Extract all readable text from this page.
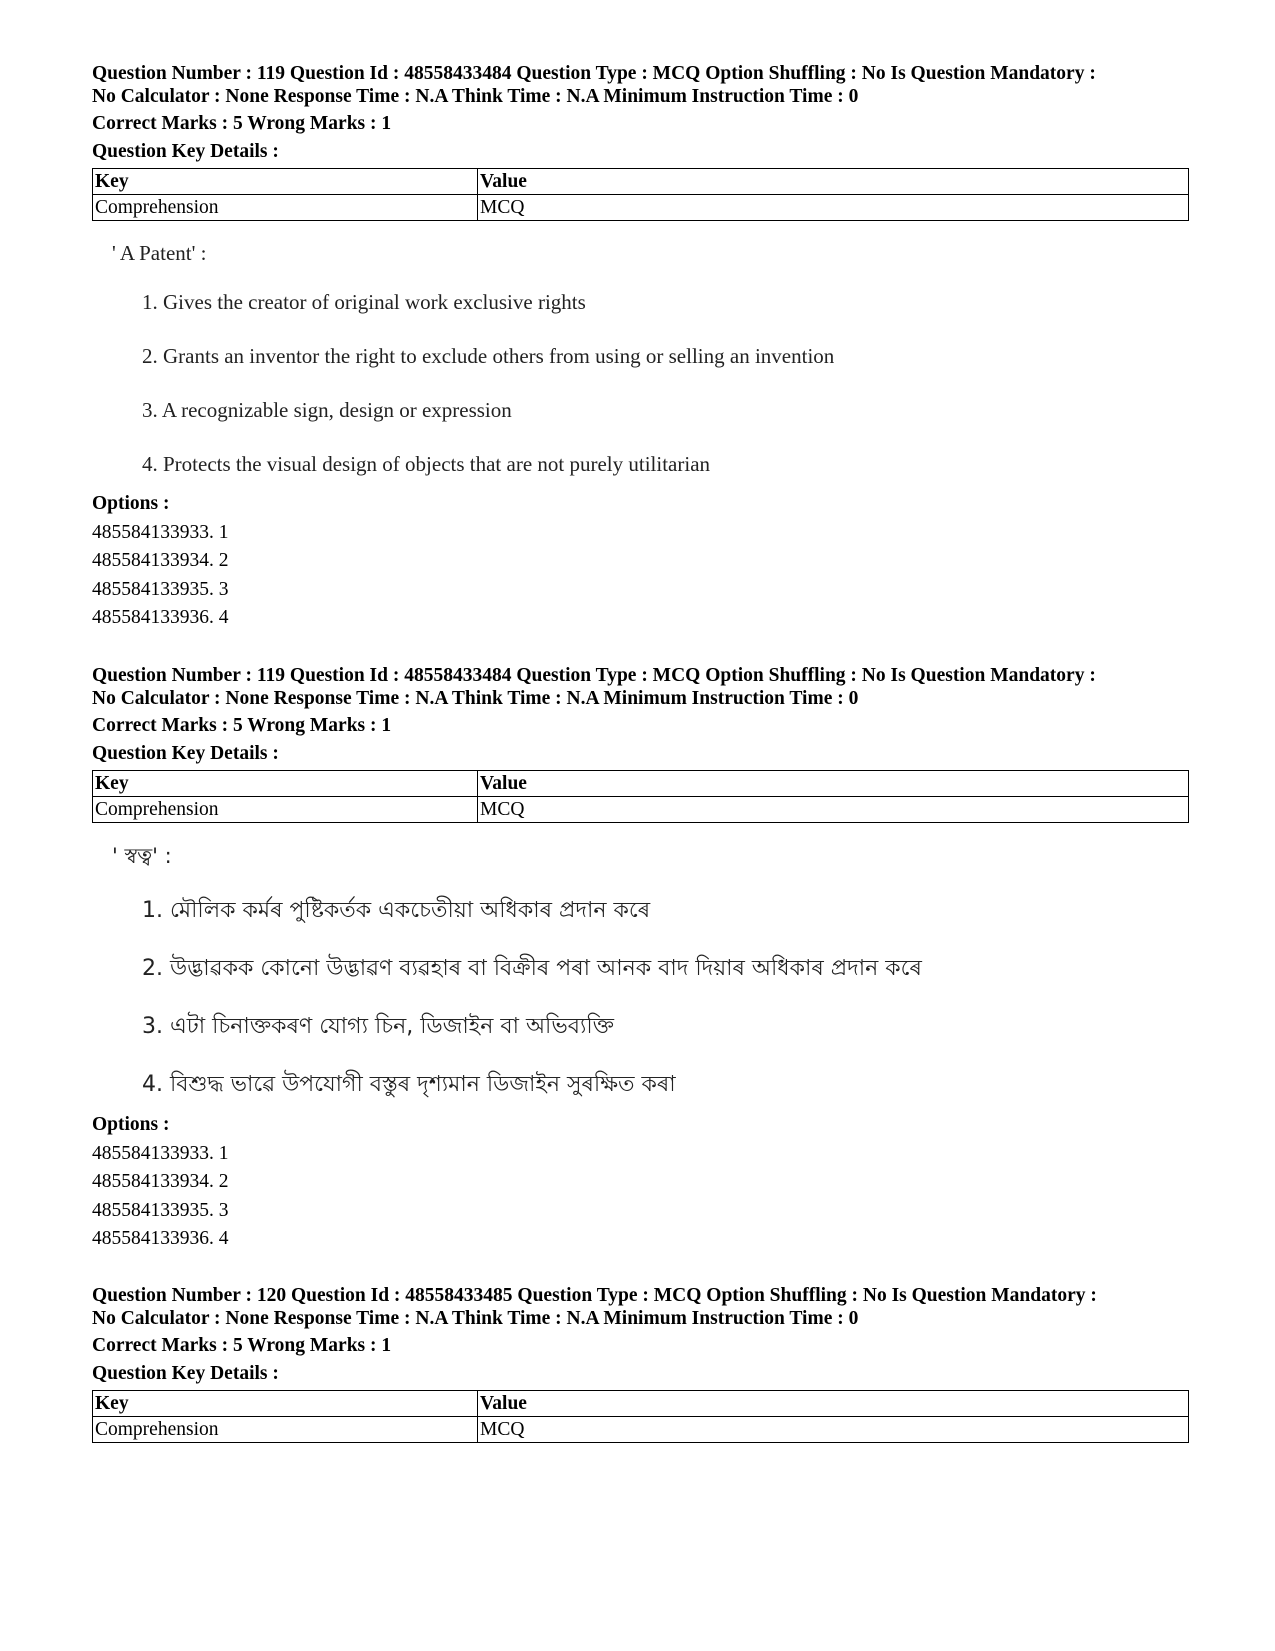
Question Number : 119 Question Id : 48558433484 Question Type : MCQ Option Shuffling : No Is Question Mandatory :
No Calculator : None Response Time : N.A Think Time : N.A Minimum Instruction Time : 0
Correct Marks : 5 Wrong Marks : 1
Question Key Details :
Key	Value
Comprehension	MCQ
' A Patent' :
1. Gives the creator of original work exclusive rights
2. Grants an inventor the right to exclude others from using or selling an invention
3. A recognizable sign, design or expression
4. Protects the visual design of objects that are not purely utilitarian
Options :
485584133933. 1
485584133934. 2
485584133935. 3
485584133936. 4
Question Number : 119 Question Id : 48558433484 Question Type : MCQ Option Shuffling : No Is Question Mandatory :
No Calculator : None Response Time : N.A Think Time : N.A Minimum Instruction Time : 0
Correct Marks : 5 Wrong Marks : 1
Question Key Details :
Key	Value
Comprehension	MCQ
' স্বত্ব' :
1. মৌলিক কৰ্মৰ পুষ্টিকৰ্তক একচেতীয়া অধিকাৰ প্ৰদান কৰে
2. উদ্ভাৱকক কোনো উদ্ভাৱণ ব্যৱহাৰ বা বিক্ৰীৰ পৰা আনক বাদ দিয়াৰ অধিকাৰ প্ৰদান কৰে
3. এটা চিনাক্তকৰণ যোগ্য চিন, ডিজাইন বা অভিব্যক্তি
4. বিশুদ্ধ ভাৱে উপযোগী বস্তুৰ দৃশ্যমান ডিজাইন সুৰক্ষিত কৰা
Options :
485584133933. 1
485584133934. 2
485584133935. 3
485584133936. 4
Question Number : 120 Question Id : 48558433485 Question Type : MCQ Option Shuffling : No Is Question Mandatory :
No Calculator : None Response Time : N.A Think Time : N.A Minimum Instruction Time : 0
Correct Marks : 5 Wrong Marks : 1
Question Key Details :
Key	Value
Comprehension	MCQ
